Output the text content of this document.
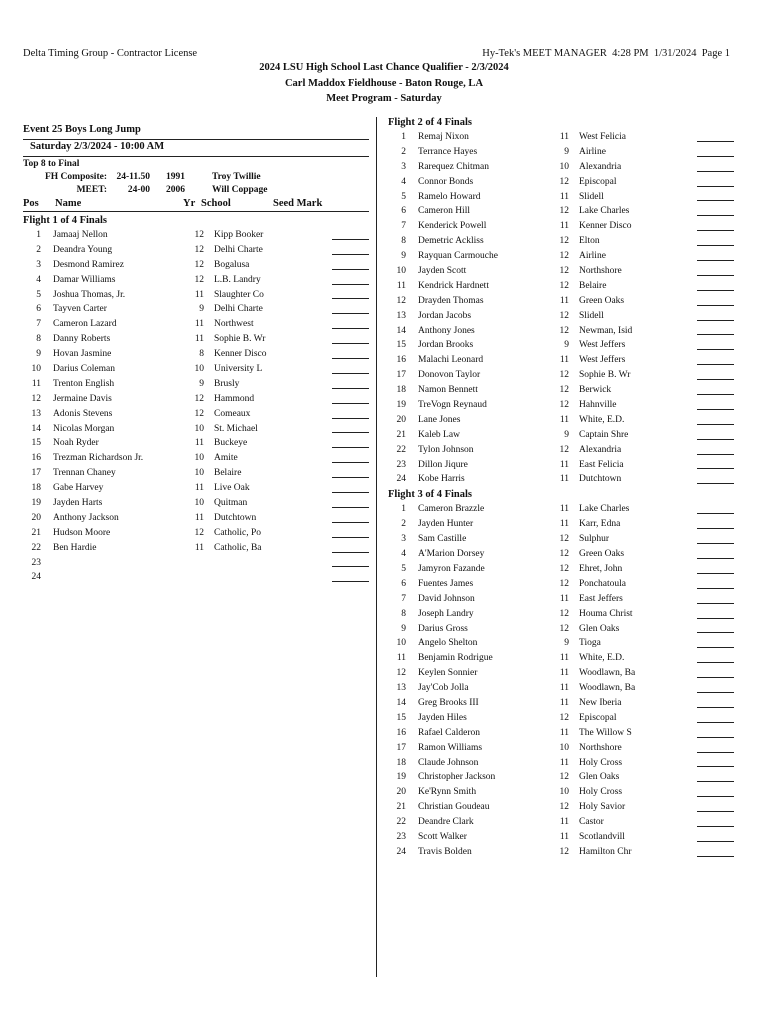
Delta Timing Group - Contractor License	Hy-Tek's MEET MANAGER  4:28 PM  1/31/2024  Page 1
2024 LSU High School Last Chance Qualifier - 2/3/2024
Carl Maddox Fieldhouse - Baton Rouge, LA
Meet Program - Saturday
Event 25 Boys Long Jump
Saturday 2/3/2024 - 10:00 AM
Top 8 to Final
FH Composite: 24-11.50	1991	Troy Twillie
MEET:	24-00	2006	Will Coppage
Pos	Name	Yr School	Seed Mark
Flight 1 of 4 Finals
1	Jamaaj Nellon	12	Kipp Booker
2	Deandra Young	12	Delhi Charte
3	Desmond Ramirez	12	Bogalusa
4	Damar Williams	12	L.B. Landry
5	Joshua Thomas, Jr.	11	Slaughter Co
6	Tayven Carter	9	Delhi Charte
7	Cameron Lazard	11	Northwest
8	Danny Roberts	11	Sophie B. Wr
9	Hovan Jasmine	8	Kenner Disco
10	Darius Coleman	10	University L
11	Trenton English	9	Brusly
12	Jermaine Davis	12	Hammond
13	Adonis Stevens	12	Comeaux
14	Nicolas Morgan	10	St. Michael
15	Noah Ryder	11	Buckeye
16	Trezman Richardson Jr.	10	Amite
17	Trennan Chaney	10	Belaire
18	Gabe Harvey	11	Live Oak
19	Jayden Harts	10	Quitman
20	Anthony Jackson	11	Dutchtown
21	Hudson Moore	12	Catholic, Po
22	Ben Hardie	11	Catholic, Ba
23
24
Flight 2 of 4 Finals
1	Remaj Nixon	11	West Felicia
2	Terrance Hayes	9	Airline
3	Rarequez Chitman	10	Alexandria
4	Connor Bonds	12	Episcopal
5	Ramelo Howard	11	Slidell
6	Cameron Hill	12	Lake Charles
7	Kenderick Powell	11	Kenner Disco
8	Demetric Ackliss	12	Elton
9	Rayquan Carmouche	12	Airline
10	Jayden Scott	12	Northshore
11	Kendrick Hardnett	12	Belaire
12	Drayden Thomas	11	Green Oaks
13	Jordan Jacobs	12	Slidell
14	Anthony Jones	12	Newman, Isid
15	Jordan Brooks	9	West Jeffers
16	Malachi Leonard	11	West Jeffers
17	Donovon Taylor	12	Sophie B. Wr
18	Namon Bennett	12	Berwick
19	TreVogn Reynaud	12	Hahnville
20	Lane Jones	11	White, E.D.
21	Kaleb Law	9	Captain Shre
22	Tylon Johnson	12	Alexandria
23	Dillon Jiqure	11	East Felicia
24	Kobe Harris	11	Dutchtown
Flight 3 of 4 Finals
1	Cameron Brazzle	11	Lake Charles
2	Jayden Hunter	11	Karr, Edna
3	Sam Castille	12	Sulphur
4	A'Marion Dorsey	12	Green Oaks
5	Jamyron Fazande	12	Ehret, John
6	Fuentes James	12	Ponchatoula
7	David Johnson	11	East Jeffers
8	Joseph Landry	12	Houma Christ
9	Darius Gross	12	Glen Oaks
10	Angelo Shelton	9	Tioga
11	Benjamin Rodrigue	11	White, E.D.
12	Keylen Sonnier	11	Woodlawn, Ba
13	Jay'Cob Jolla	11	Woodlawn, Ba
14	Greg Brooks III	11	New Iberia
15	Jayden Hiles	12	Episcopal
16	Rafael Calderon	11	The Willow S
17	Ramon Williams	10	Northshore
18	Claude Johnson	11	Holy Cross
19	Christopher Jackson	12	Glen Oaks
20	Ke'Rynn Smith	10	Holy Cross
21	Christian Goudeau	12	Holy Savior
22	Deandre Clark	11	Castor
23	Scott Walker	11	Scotlandvill
24	Travis Bolden	12	Hamilton Chr
